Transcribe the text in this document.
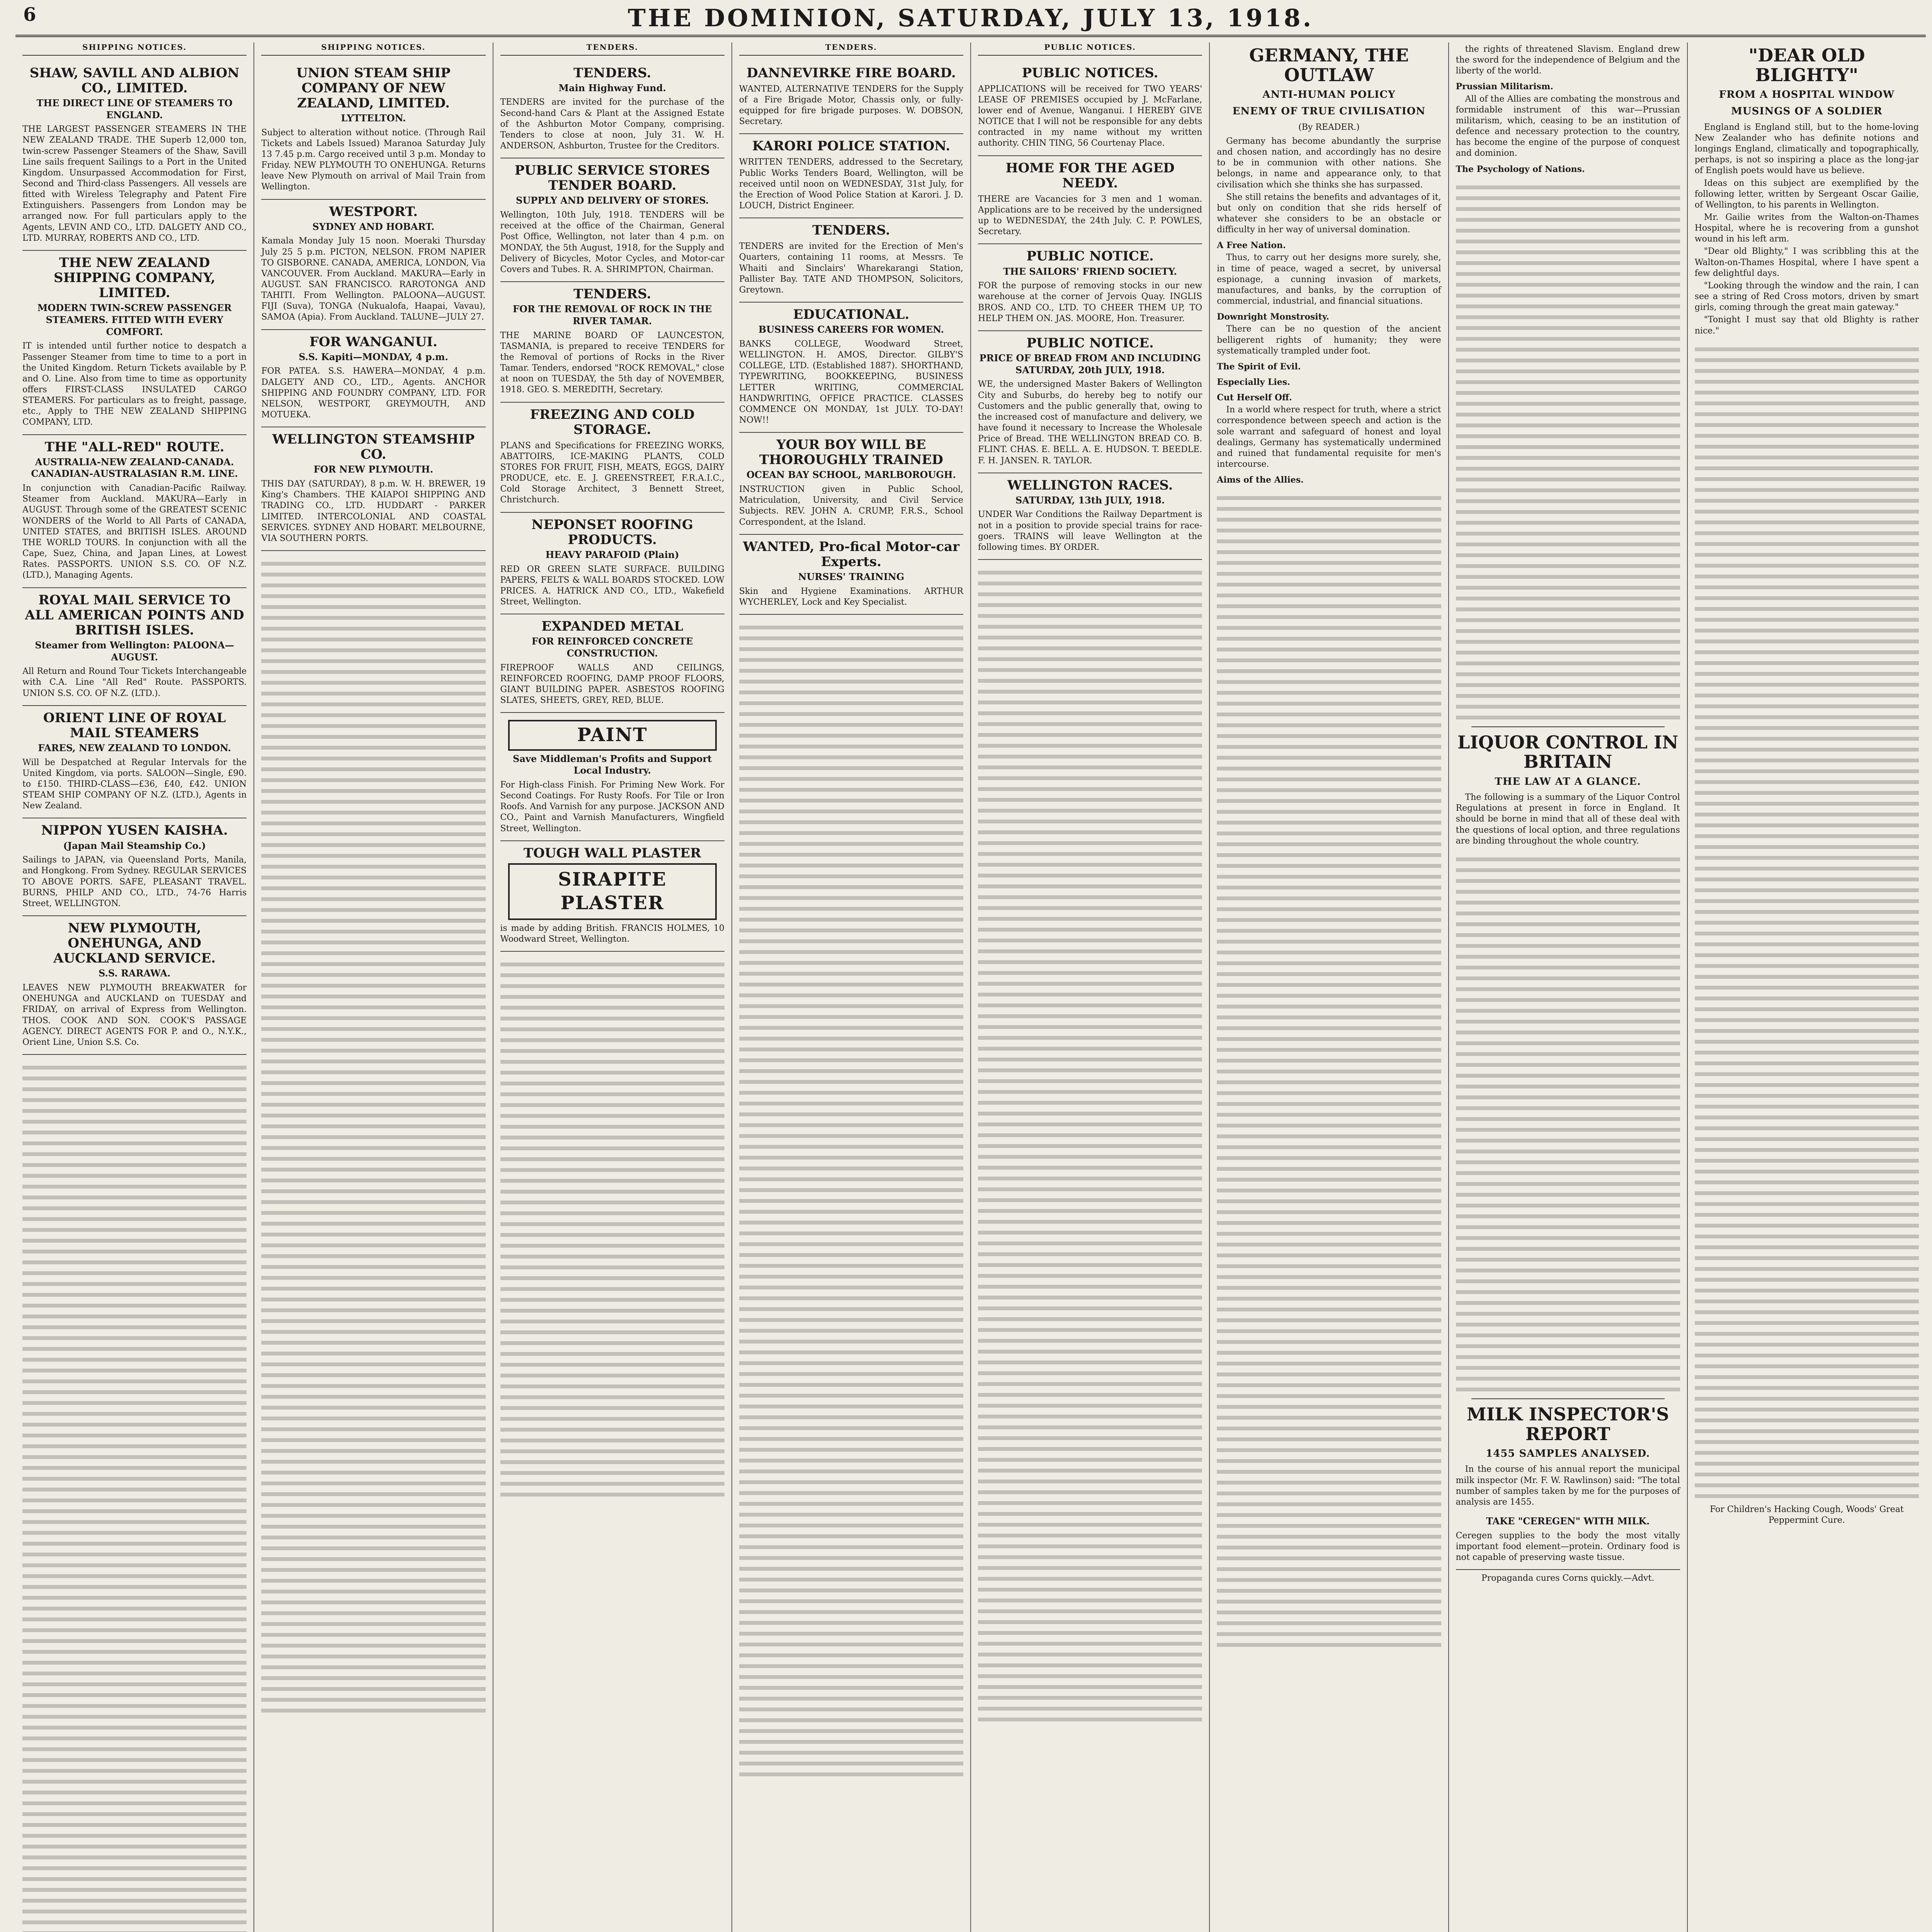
6	THE DOMINION, SATURDAY, JULY 13, 1918.
SHIPPING NOTICES.
SHAW, SAVILL AND ALBION CO., LIMITED.
THE DIRECT LINE OF STEAMERS TO ENGLAND.
THE LARGEST PASSENGER STEAMERS IN THE NEW ZEALAND TRADE. THE Superb 12,000 ton, twin-screw Passenger Steamers of the Shaw, Savill Line sails frequent Sailings to a Port in the United Kingdom. Unsurpassed Accommodation for First, Second and Third-class Passengers. All vessels are fitted with Wireless Telegraphy and Patent Fire Extinguishers. Passengers from London may be arranged now. For full particulars apply to the Agents, LEVIN AND CO., LTD. DALGETY AND CO., LTD. MURRAY, ROBERTS AND CO., LTD.
THE NEW ZEALAND SHIPPING COMPANY, LIMITED.
MODERN TWIN-SCREW PASSENGER STEAMERS. FITTED WITH EVERY COMFORT.
IT is intended until further notice to despatch a Passenger Steamer from time to time to a port in the United Kingdom. Return Tickets available by P. and O. Line. Also from time to time as opportunity offers FIRST-CLASS INSULATED CARGO STEAMERS. For particulars as to freight, passage, etc., Apply to THE NEW ZEALAND SHIPPING COMPANY, LTD.
THE "ALL-RED" ROUTE.
AUSTRALIA-NEW ZEALAND-CANADA. CANADIAN-AUSTRALASIAN R.M. LINE.
In conjunction with Canadian-Pacific Railway. Steamer from Auckland. MAKURA—Early in AUGUST. Through some of the GREATEST SCENIC WONDERS of the World to All Parts of CANADA, UNITED STATES, and BRITISH ISLES. AROUND THE WORLD TOURS. In conjunction with all the Cape, Suez, China, and Japan Lines, at Lowest Rates. PASSPORTS. UNION S.S. CO. OF N.Z. (LTD.), Managing Agents.
ROYAL MAIL SERVICE TO ALL AMERICAN POINTS AND BRITISH ISLES.
Steamer from Wellington: PALOONA—AUGUST.
All Return and Round Tour Tickets Interchangeable with C.A. Line "All Red" Route. PASSPORTS. UNION S.S. CO. OF N.Z. (LTD.).
ORIENT LINE OF ROYAL MAIL STEAMERS
FARES, NEW ZEALAND TO LONDON.
Will be Despatched at Regular Intervals for the United Kingdom, via ports. SALOON—Single, £90. to £150. THIRD-CLASS—£36, £40, £42. UNION STEAM SHIP COMPANY OF N.Z. (LTD.), Agents in New Zealand.
NIPPON YUSEN KAISHA.
(Japan Mail Steamship Co.)
Sailings to JAPAN, via Queensland Ports, Manila, and Hongkong. From Sydney. REGULAR SERVICES TO ABOVE PORTS. SAFE, PLEASANT TRAVEL. BURNS, PHILP AND CO., LTD., 74-76 Harris Street, WELLINGTON.
NEW PLYMOUTH, ONEHUNGA, AND AUCKLAND SERVICE.
S.S. RARAWA.
LEAVES NEW PLYMOUTH BREAKWATER for ONEHUNGA and AUCKLAND on TUESDAY and FRIDAY, on arrival of Express from Wellington. THOS. COOK AND SON. COOK'S PASSAGE AGENCY. DIRECT AGENTS FOR P. and O., N.Y.K., Orient Line, Union S.S. Co.
SHIPPING NOTICES.
UNION STEAM SHIP COMPANY OF NEW ZEALAND, LIMITED.
LYTTELTON.
Subject to alteration without notice. (Through Rail Tickets and Labels Issued) Maranoa Saturday July 13 7.45 p.m. Cargo received until 3 p.m. Monday to Friday. NEW PLYMOUTH TO ONEHUNGA. Returns leave New Plymouth on arrival of Mail Train from Wellington.
WESTPORT.
SYDNEY AND HOBART.
Kamala Monday July 15 noon. Moeraki Thursday July 25 5 p.m. PICTON, NELSON. FROM NAPIER TO GISBORNE. CANADA, AMERICA, LONDON, Via VANCOUVER. From Auckland. MAKURA—Early in AUGUST. SAN FRANCISCO. RAROTONGA AND TAHITI. From Wellington. PALOONA—AUGUST. FIJI (Suva), TONGA (Nukualofa, Haapai, Vavau), SAMOA (Apia). From Auckland. TALUNE—JULY 27.
FOR WANGANUI.
S.S. Kapiti—MONDAY, 4 p.m.
FOR PATEA. S.S. HAWERA—MONDAY, 4 p.m. DALGETY AND CO., LTD., Agents. ANCHOR SHIPPING AND FOUNDRY COMPANY, LTD. FOR NELSON, WESTPORT, GREYMOUTH, AND MOTUEKA.
WELLINGTON STEAMSHIP CO.
FOR NEW PLYMOUTH.
THIS DAY (SATURDAY), 8 p.m. W. H. BREWER, 19 King's Chambers. THE KAIAPOI SHIPPING AND TRADING CO., LTD. HUDDART - PARKER LIMITED. INTERCOLONIAL AND COASTAL SERVICES. SYDNEY AND HOBART. MELBOURNE, VIA SOUTHERN PORTS.
TENDERS.
TENDERS.
Main Highway Fund.
TENDERS are invited for the purchase of the Second-hand Cars & Plant at the Assigned Estate of the Ashburton Motor Company, comprising. Tenders to close at noon, July 31. W. H. ANDERSON, Ashburton, Trustee for the Creditors.
PUBLIC SERVICE STORES TENDER BOARD.
SUPPLY AND DELIVERY OF STORES.
Wellington, 10th July, 1918. TENDERS will be received at the office of the Chairman, General Post Office, Wellington, not later than 4 p.m. on MONDAY, the 5th August, 1918, for the Supply and Delivery of Bicycles, Motor Cycles, and Motor-car Covers and Tubes. R. A. SHRIMPTON, Chairman.
TENDERS.
FOR THE REMOVAL OF ROCK IN THE RIVER TAMAR.
THE MARINE BOARD OF LAUNCESTON, TASMANIA, is prepared to receive TENDERS for the Removal of portions of Rocks in the River Tamar. Tenders, endorsed "ROCK REMOVAL," close at noon on TUESDAY, the 5th day of NOVEMBER, 1918. GEO. S. MEREDITH, Secretary.
FREEZING AND COLD STORAGE.
PLANS and Specifications for FREEZING WORKS, ABATTOIRS, ICE-MAKING PLANTS, COLD STORES FOR FRUIT, FISH, MEATS, EGGS, DAIRY PRODUCE, etc. E. J. GREENSTREET, F.R.A.I.C., Cold Storage Architect, 3 Bennett Street, Christchurch.
NEPONSET ROOFING PRODUCTS.
HEAVY PARAFOID (Plain)
RED OR GREEN SLATE SURFACE. BUILDING PAPERS, FELTS & WALL BOARDS STOCKED. LOW PRICES. A. HATRICK AND CO., LTD., Wakefield Street, Wellington.
EXPANDED METAL
FOR REINFORCED CONCRETE CONSTRUCTION.
FIREPROOF WALLS AND CEILINGS, REINFORCED ROOFING, DAMP PROOF FLOORS, GIANT BUILDING PAPER. ASBESTOS ROOFING SLATES, SHEETS, GREY, RED, BLUE.
PAINT
Save Middleman's Profits and Support Local Industry.
For High-class Finish. For Priming New Work. For Second Coatings. For Rusty Roofs. For Tile or Iron Roofs. And Varnish for any purpose. JACKSON AND CO., Paint and Varnish Manufacturers, Wingfield Street, Wellington.
TOUGH WALL PLASTER
SIRAPITE PLASTER
is made by adding British. FRANCIS HOLMES, 10 Woodward Street, Wellington.
TENDERS.
DANNEVIRKE FIRE BOARD.
WANTED, ALTERNATIVE TENDERS for the Supply of a Fire Brigade Motor, Chassis only, or fully-equipped for fire brigade purposes. W. DOBSON, Secretary.
KARORI POLICE STATION.
WRITTEN TENDERS, addressed to the Secretary, Public Works Tenders Board, Wellington, will be received until noon on WEDNESDAY, 31st July, for the Erection of Wood Police Station at Karori. J. D. LOUCH, District Engineer.
TENDERS.
TENDERS are invited for the Erection of Men's Quarters, containing 11 rooms, at Messrs. Te Whaiti and Sinclairs' Wharekarangi Station, Pallister Bay. TATE AND THOMPSON, Solicitors, Greytown.
EDUCATIONAL.
BUSINESS CAREERS FOR WOMEN.
BANKS COLLEGE, Woodward Street, WELLINGTON. H. AMOS, Director. GILBY'S COLLEGE, LTD. (Established 1887). SHORTHAND, TYPEWRITING, BOOKKEEPING, BUSINESS LETTER WRITING, COMMERCIAL HANDWRITING, OFFICE PRACTICE. CLASSES COMMENCE ON MONDAY, 1st JULY. TO-DAY! NOW!!
YOUR BOY WILL BE THOROUGHLY TRAINED
OCEAN BAY SCHOOL, MARLBOROUGH.
INSTRUCTION given in Public School, Matriculation, University, and Civil Service Subjects. REV. JOHN A. CRUMP, F.R.S., School Correspondent, at the Island.
WANTED, Pro-fical Motor-car Experts.
NURSES' TRAINING
Skin and Hygiene Examinations. ARTHUR WYCHERLEY, Lock and Key Specialist.
PUBLIC NOTICES.
PUBLIC NOTICES.
APPLICATIONS will be received for TWO YEARS' LEASE OF PREMISES occupied by J. McFarlane, lower end of Avenue, Wanganui. I HEREBY GIVE NOTICE that I will not be responsible for any debts contracted in my name without my written authority. CHIN TING, 56 Courtenay Place.
HOME FOR THE AGED NEEDY.
THERE are Vacancies for 3 men and 1 woman. Applications are to be received by the undersigned up to WEDNESDAY, the 24th July. C. P. POWLES, Secretary.
PUBLIC NOTICE.
THE SAILORS' FRIEND SOCIETY.
FOR the purpose of removing stocks in our new warehouse at the corner of Jervois Quay. INGLIS BROS. AND CO., LTD. TO CHEER THEM UP, TO HELP THEM ON. JAS. MOORE, Hon. Treasurer.
PUBLIC NOTICE.
PRICE OF BREAD FROM AND INCLUDING SATURDAY, 20th JULY, 1918.
WE, the undersigned Master Bakers of Wellington City and Suburbs, do hereby beg to notify our Customers and the public generally that, owing to the increased cost of manufacture and delivery, we have found it necessary to Increase the Wholesale Price of Bread. THE WELLINGTON BREAD CO. B. FLINT. CHAS. E. BELL. A. E. HUDSON. T. BEEDLE. F. H. JANSEN. R. TAYLOR.
WELLINGTON RACES.
SATURDAY, 13th JULY, 1918.
UNDER War Conditions the Railway Department is not in a position to provide special trains for race-goers. TRAINS will leave Wellington at the following times. BY ORDER.
GERMANY, THE OUTLAW
ANTI-HUMAN POLICY
ENEMY OF TRUE CIVILISATION
(By READER.)

Germany has become abundantly the surprise and chosen nation, and accordingly has no desire to be in communion with other nations. She belongs, in name and appearance only, to that civilisation which she thinks she has surpassed.

She still retains the benefits and advantages of it, but only on condition that she rids herself of whatever she considers to be an obstacle or difficulty in her way of universal domination.

A Free Nation.

Thus, to carry out her designs more surely, she, in time of peace, waged a secret, by universal espionage, a cunning invasion of markets, manufactures, and banks, by the corruption of commercial, industrial, and financial situations.

Downright Monstrosity.

There can be no question of the ancient belligerent rights of humanity; they were systematically trampled under foot.

The Spirit of Evil.
Especially Lies.
Cut Herself Off.

In a world where respect for truth, where a strict correspondence between speech and action is the sole warrant and safeguard of honest and loyal dealings, Germany has systematically undermined and ruined that fundamental requisite for men's intercourse.

Aims of the Allies.

the rights of threatened Slavism. England drew the sword for the independence of Belgium and the liberty of the world.

Prussian Militarism.

All of the Allies are combating the monstrous and formidable instrument of this war—Prussian militarism, which, ceasing to be an institution of defence and necessary protection to the country, has become the engine of the purpose of conquest and dominion.

The Psychology of Nations.
LIQUOR CONTROL IN BRITAIN
THE LAW AT A GLANCE.

The following is a summary of the Liquor Control Regulations at present in force in England. It should be borne in mind that all of these deal with the questions of local option, and three regulations are binding throughout the whole country.

MILK INSPECTOR'S REPORT
1455 SAMPLES ANALYSED.

In the course of his annual report the municipal milk inspector (Mr. F. W. Rawlinson) said: "The total number of samples taken by me for the purposes of analysis are 1455.

TAKE "CEREGEN" WITH MILK.
Ceregen supplies to the body the most vitally important food element—protein. Ordinary food is not capable of preserving waste tissue.
Propaganda cures Corns quickly.—Advt.
"DEAR OLD BLIGHTY"
FROM A HOSPITAL WINDOW
MUSINGS OF A SOLDIER

England is England still, but to the home-loving New Zealander who has definite notions and longings England, climatically and topographically, perhaps, is not so inspiring a place as the long-jar of English poets would have us believe.

Ideas on this subject are exemplified by the following letter, written by Sergeant Oscar Gailie, of Wellington, to his parents in Wellington.

Mr. Gailie writes from the Walton-on-Thames Hospital, where he is recovering from a gunshot wound in his left arm.

"Dear old Blighty," I was scribbling this at the Walton-on-Thames Hospital, where I have spent a few delightful days.

"Looking through the window and the rain, I can see a string of Red Cross motors, driven by smart girls, coming through the great main gateway."

"Tonight I must say that old Blighty is rather nice."

For Children's Hacking Cough, Woods' Great Peppermint Cure.
